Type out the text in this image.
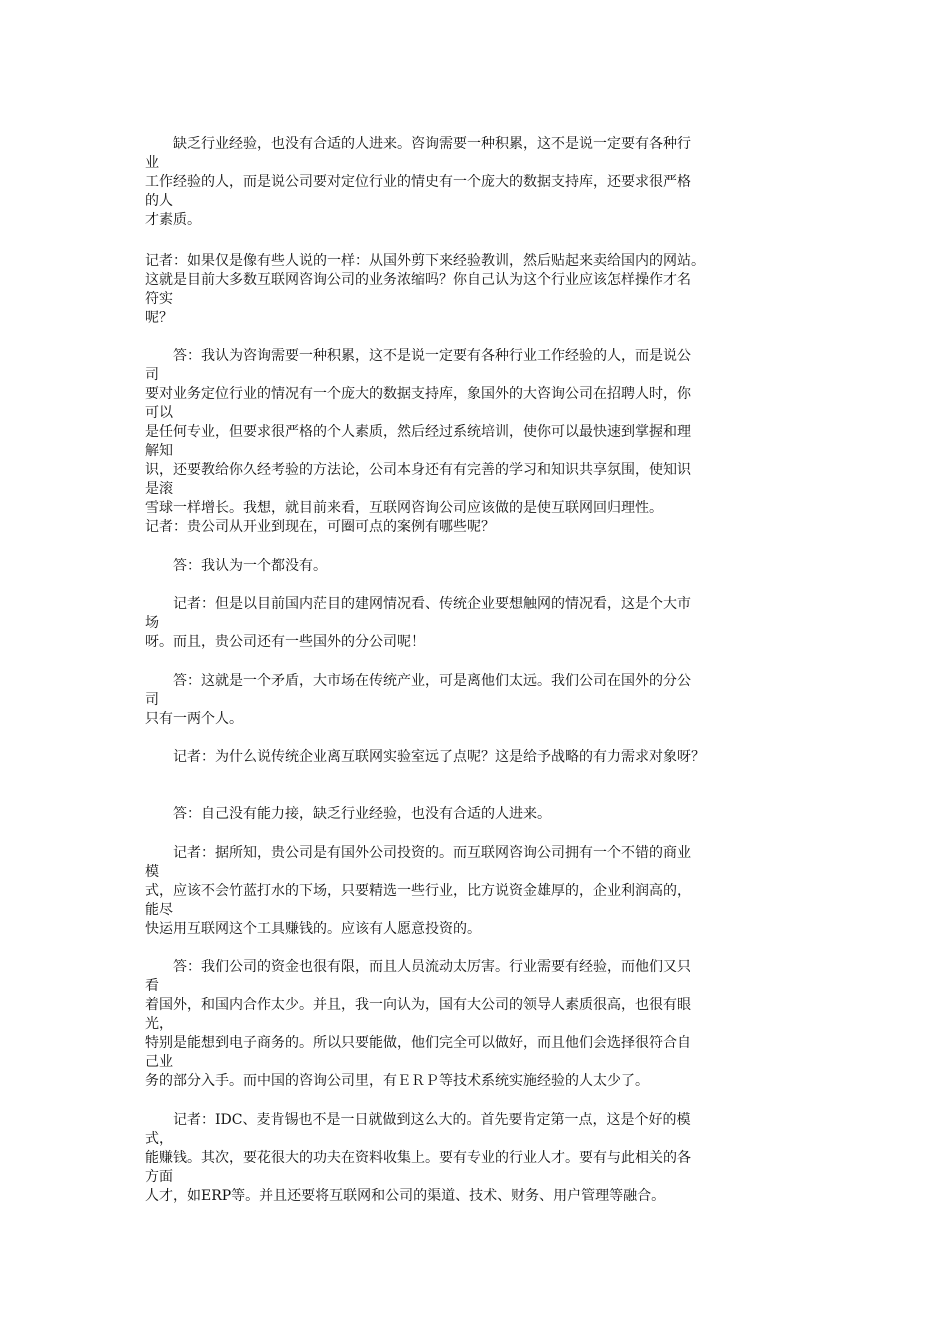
　　缺乏行业经验，也没有合适的人进来。咨询需要一种积累，这不是说一定要有各种行
业
工作经验的人，而是说公司要对定位行业的情史有一个庞大的数据支持库，还要求很严格
的人
才素质。
记者：如果仅是像有些人说的一样：从国外剪下来经验教训，然后贴起来卖给国内的网站。
这就是目前大多数互联网咨询公司的业务浓缩吗？你自己认为这个行业应该怎样操作才名
符实
呢？
　　答：我认为咨询需要一种积累，这不是说一定要有各种行业工作经验的人，而是说公
司
要对业务定位行业的情况有一个庞大的数据支持库，象国外的大咨询公司在招聘人时，你
可以
是任何专业，但要求很严格的个人素质，然后经过系统培训，使你可以最快速到掌握和理
解知
识，还要教给你久经考验的方法论，公司本身还有有完善的学习和知识共享氛围，使知识
是滚
雪球一样增长。我想，就目前来看，互联网咨询公司应该做的是使互联网回归理性。
记者：贵公司从开业到现在，可圈可点的案例有哪些呢？
　　答：我认为一个都没有。
　　记者：但是以目前国内茫目的建网情况看、传统企业要想触网的情况看，这是个大市
场
呀。而且，贵公司还有一些国外的分公司呢！
　　答：这就是一个矛盾，大市场在传统产业，可是离他们太远。我们公司在国外的分公
司
只有一两个人。
　　记者：为什么说传统企业离互联网实验室远了点呢？这是给予战略的有力需求对象呀？
　　答：自己没有能力接，缺乏行业经验，也没有合适的人进来。
　　记者：据所知，贵公司是有国外公司投资的。而互联网咨询公司拥有一个不错的商业
模
式，应该不会竹蓝打水的下场，只要精选一些行业，比方说资金雄厚的，企业利润高的，
能尽
快运用互联网这个工具赚钱的。应该有人愿意投资的。
　　答：我们公司的资金也很有限，而且人员流动太厉害。行业需要有经验，而他们又只
看
着国外，和国内合作太少。并且，我一向认为，国有大公司的领导人素质很高，也很有眼
光，
特别是能想到电子商务的。所以只要能做，他们完全可以做好，而且他们会选择很符合自
己业
务的部分入手。而中国的咨询公司里，有ＥＲＰ等技术系统实施经验的人太少了。
　　记者：IDC、麦肯锡也不是一日就做到这么大的。首先要肯定第一点，这是个好的模
式，
能赚钱。其次，要花很大的功夫在资料收集上。要有专业的行业人才。要有与此相关的各
方面
人才，如ERP等。并且还要将互联网和公司的渠道、技术、财务、用户管理等融合。
